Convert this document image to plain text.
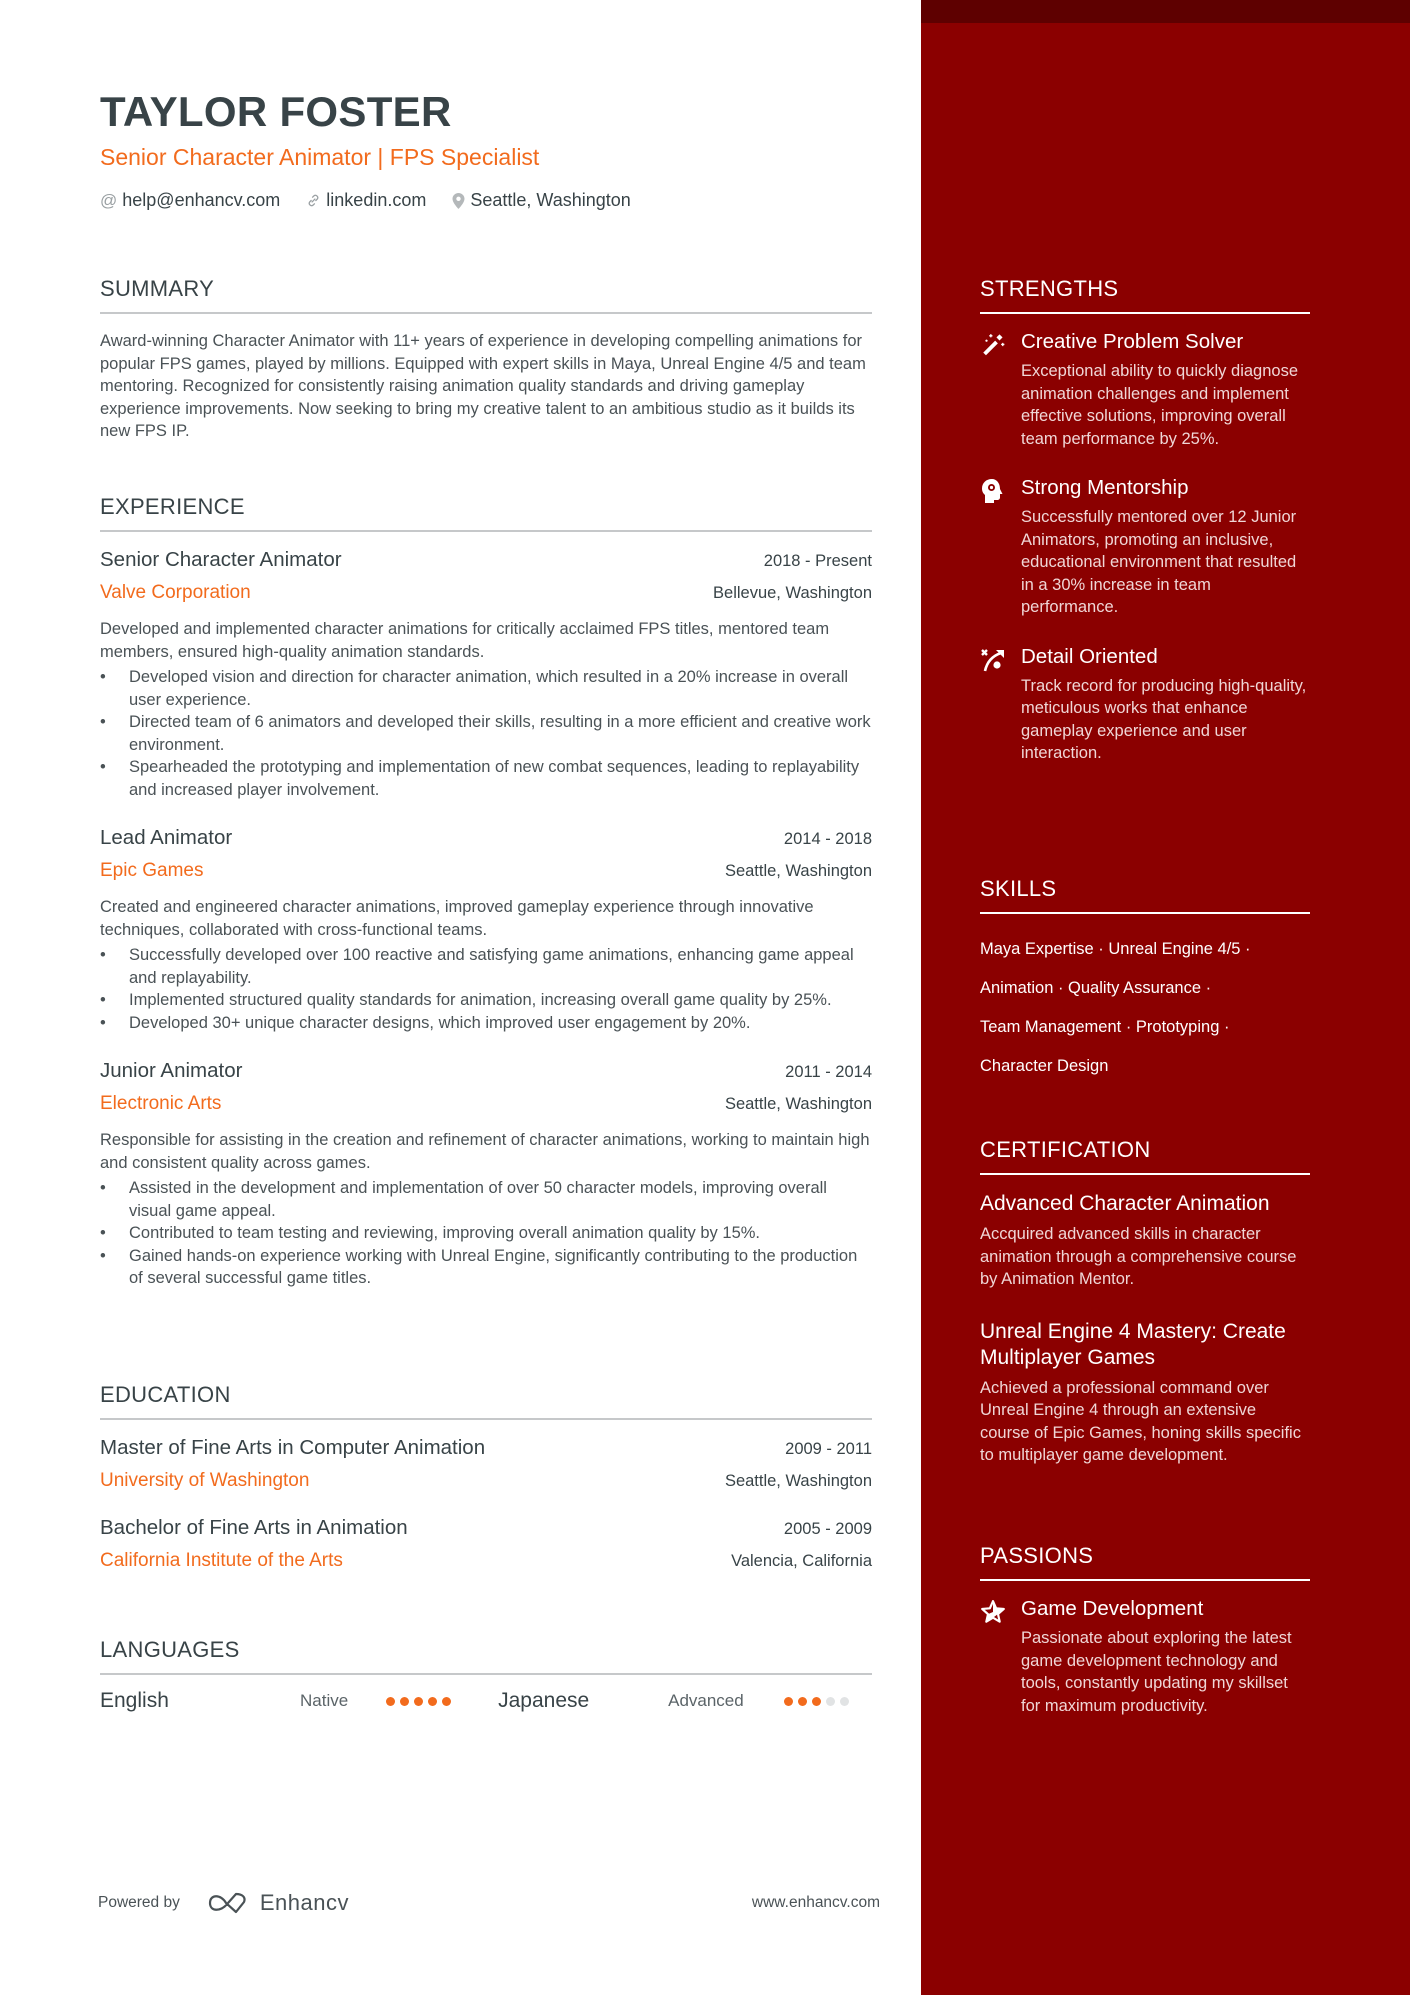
TAYLOR FOSTER
Senior Character Animator | FPS Specialist
@ help@enhancv.com	linkedin.com Seattle, Washington
SUMMARY
Award-winning Character Animator with 11+ years of experience in developing compelling animations for popular FPS games, played by millions. Equipped with expert skills in Maya, Unreal Engine 4/5 and team mentoring. Recognized for consistently raising animation quality standards and driving gameplay experience improvements. Now seeking to bring my creative talent to an ambitious studio as it builds its new FPS IP.
EXPERIENCE
Senior Character Animator	2018 - Present
Valve Corporation	Bellevue, Washington
Developed and implemented character animations for critically acclaimed FPS titles, mentored team members, ensured high-quality animation standards.
• Developed vision and direction for character animation, which resulted in a 20% increase in overall user experience.
• Directed team of 6 animators and developed their skills, resulting in a more efficient and creative work environment.
• Spearheaded the prototyping and implementation of new combat sequences, leading to replayability and increased player involvement.
Lead Animator	2014 - 2018
Epic Games	Seattle, Washington
Created and engineered character animations, improved gameplay experience through innovative techniques, collaborated with cross-functional teams.
• Successfully developed over 100 reactive and satisfying game animations, enhancing game appeal and replayability.
• Implemented structured quality standards for animation, increasing overall game quality by 25%.
• Developed 30+ unique character designs, which improved user engagement by 20%.
Junior Animator	2011 - 2014
Electronic Arts	Seattle, Washington
Responsible for assisting in the creation and refinement of character animations, working to maintain high and consistent quality across games.
• Assisted in the development and implementation of over 50 character models, improving overall visual game appeal.
• Contributed to team testing and reviewing, improving overall animation quality by 15%.
• Gained hands-on experience working with Unreal Engine, significantly contributing to the production of several successful game titles.
EDUCATION
Master of Fine Arts in Computer Animation	2009 - 2011
University of Washington	Seattle, Washington
Bachelor of Fine Arts in Animation	2005 - 2009
California Institute of the Arts	Valencia, California
LANGUAGES
English	Native	Japanese	Advanced
Powered by	Enhancv	www.enhancv.com
STRENGTHS
Creative Problem Solver
Exceptional ability to quickly diagnose animation challenges and implement effective solutions, improving overall team performance by 25%.
Strong Mentorship
Successfully mentored over 12 Junior Animators, promoting an inclusive, educational environment that resulted in a 30% increase in team performance.
Detail Oriented
Track record for producing high-quality, meticulous works that enhance gameplay experience and user interaction.
SKILLS
Maya Expertise · Unreal Engine 4/5 ·
Animation · Quality Assurance ·
Team Management · Prototyping ·
Character Design
CERTIFICATION
Advanced Character Animation
Accquired advanced skills in character animation through a comprehensive course by Animation Mentor.
Unreal Engine 4 Mastery: Create Multiplayer Games
Achieved a professional command over Unreal Engine 4 through an extensive course of Epic Games, honing skills specific to multiplayer game development.
PASSIONS
Game Development
Passionate about exploring the latest game development technology and tools, constantly updating my skillset for maximum productivity.
